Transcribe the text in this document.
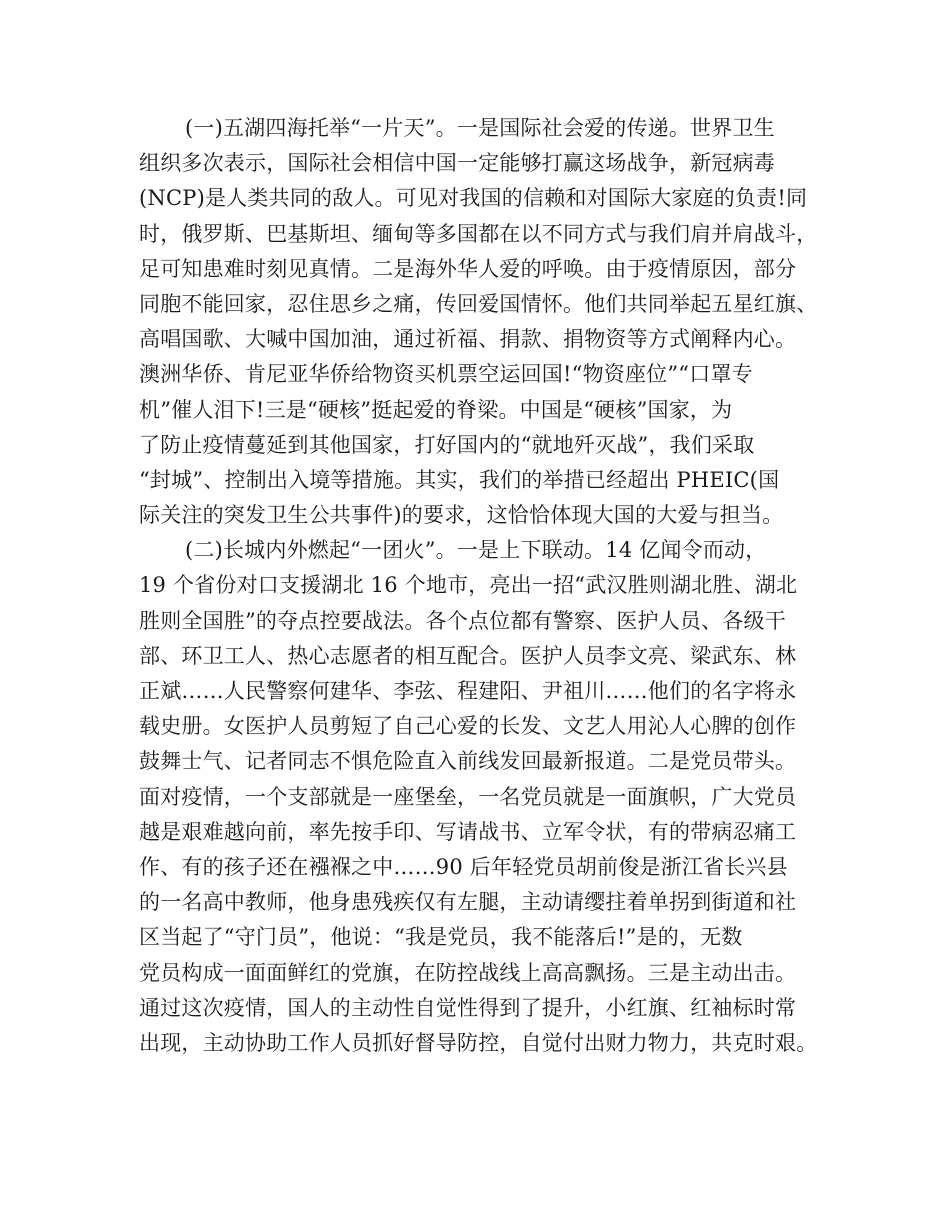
(一)五湖四海托举“一片天”。一是国际社会爱的传递。世界卫生
组织多次表示，国际社会相信中国一定能够打赢这场战争，新冠病毒
(NCP)是人类共同的敌人。可见对我国的信赖和对国际大家庭的负责!同
时，俄罗斯、巴基斯坦、缅甸等多国都在以不同方式与我们肩并肩战斗，
足可知患难时刻见真情。二是海外华人爱的呼唤。由于疫情原因，部分
同胞不能回家，忍住思乡之痛，传回爱国情怀。他们共同举起五星红旗、
高唱国歌、大喊中国加油，通过祈福、捐款、捐物资等方式阐释内心。
澳洲华侨、肯尼亚华侨给物资买机票空运回国!“物资座位”“口罩专
机”催人泪下!三是“硬核”挺起爱的脊梁。中国是“硬核”国家，为
了防止疫情蔓延到其他国家，打好国内的“就地歼灭战”，我们采取
“封城”、控制出入境等措施。其实，我们的举措已经超出 PHEIC(国
际关注的突发卫生公共事件)的要求，这恰恰体现大国的大爱与担当。
(二)长城内外燃起“一团火”。一是上下联动。14 亿闻令而动，
19 个省份对口支援湖北 16 个地市，亮出一招“武汉胜则湖北胜、湖北
胜则全国胜”的夺点控要战法。各个点位都有警察、医护人员、各级干
部、环卫工人、热心志愿者的相互配合。医护人员李文亮、梁武东、林
正斌……人民警察何建华、李弦、程建阳、尹祖川……他们的名字将永
载史册。女医护人员剪短了自己心爱的长发、文艺人用沁人心脾的创作
鼓舞士气、记者同志不惧危险直入前线发回最新报道。二是党员带头。
面对疫情，一个支部就是一座堡垒，一名党员就是一面旗帜，广大党员
越是艰难越向前，率先按手印、写请战书、立军令状，有的带病忍痛工
作、有的孩子还在襁褓之中……90 后年轻党员胡前俊是浙江省长兴县
的一名高中教师，他身患残疾仅有左腿，主动请缨拄着单拐到街道和社
区当起了“守门员”，他说：“我是党员，我不能落后!”是的，无数
党员构成一面面鲜红的党旗，在防控战线上高高飘扬。三是主动出击。
通过这次疫情，国人的主动性自觉性得到了提升，小红旗、红袖标时常
出现，主动协助工作人员抓好督导防控，自觉付出财力物力，共克时艰。
